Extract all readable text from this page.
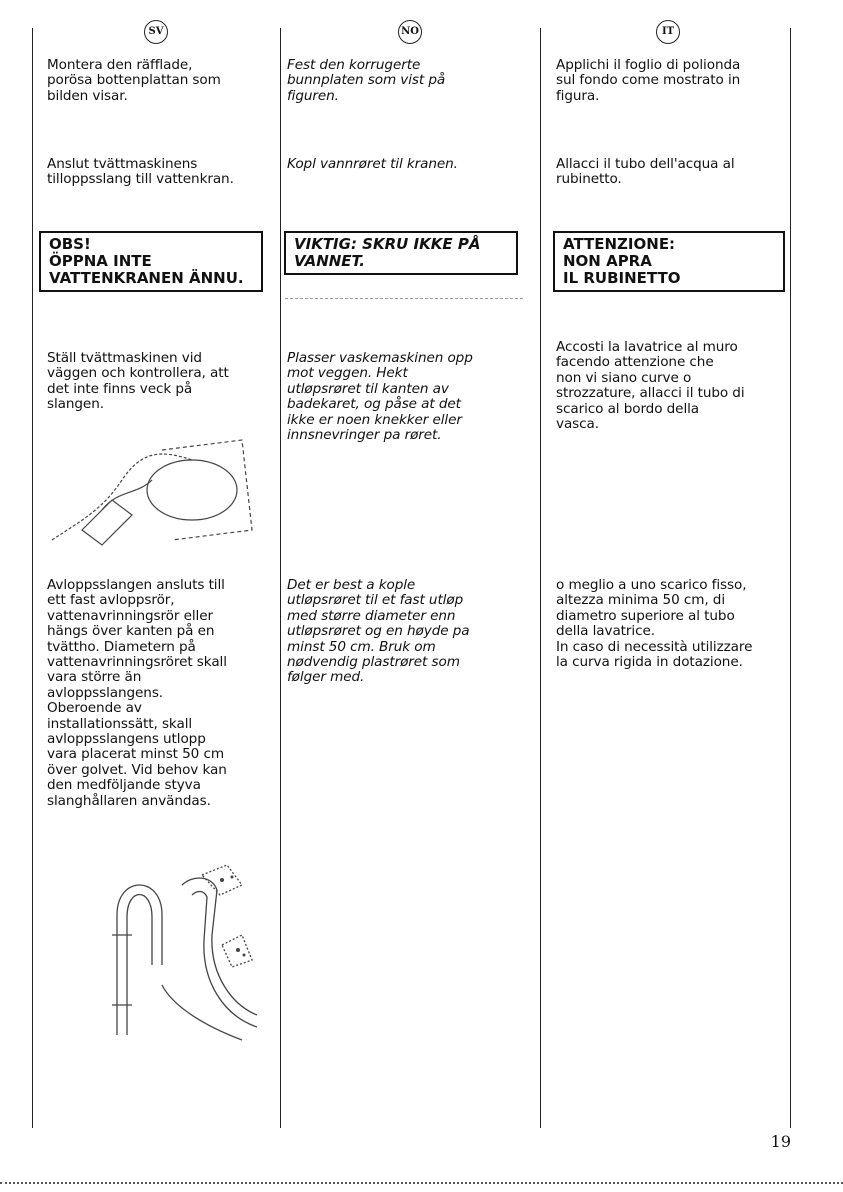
SV	NO	IT
Montera den räfflade,
porösa bottenplattan som
bilden visar.
Anslut tvättmaskinens
tilloppsslang till vattenkran.
OBS!
ÖPPNA INTE
VATTENKRANEN ÄNNU.
Ställ tvättmaskinen vid
väggen och kontrollera, att
det inte finns veck på
slangen.
Avloppsslangen ansluts till
ett fast avloppsrör,
vattenavrinningsrör eller
hängs över kanten på en
tvättho. Diametern på
vattenavrinningsröret skall
vara större än
avloppsslangens.
Oberoende av
installationssätt, skall
avloppsslangens utlopp
vara placerat minst 50 cm
över golvet. Vid behov kan
den medföljande styva
slanghållaren användas.
Fest den korrugerte
bunnplaten som vist på
figuren.
Kopl vannrøret til kranen.
VIKTIG: SKRU IKKE PÅ
VANNET.
Plasser vaskemaskinen opp
mot veggen. Hekt
utløpsrøret til kanten av
badekaret, og påse at det
ikke er noen knekker eller
innsnevringer pa røret.
Det er best a kople
utløpsrøret til et fast utløp
med større diameter enn
utløpsrøret og en høyde pa
minst 50 cm. Bruk om
nødvendig plastrøret som
følger med.
Applichi il foglio di polionda
sul fondo come mostrato in
figura.
Allacci il tubo dell'acqua al
rubinetto.
ATTENZIONE:
NON APRA
IL RUBINETTO
Accosti la lavatrice al muro
facendo attenzione che
non vi siano curve o
strozzature, allacci il tubo di
scarico al bordo della
vasca.
o meglio a uno scarico fisso,
altezza minima 50 cm, di
diametro superiore al tubo
della lavatrice.
In caso di necessità utilizzare
la curva rigida in dotazione.
19
